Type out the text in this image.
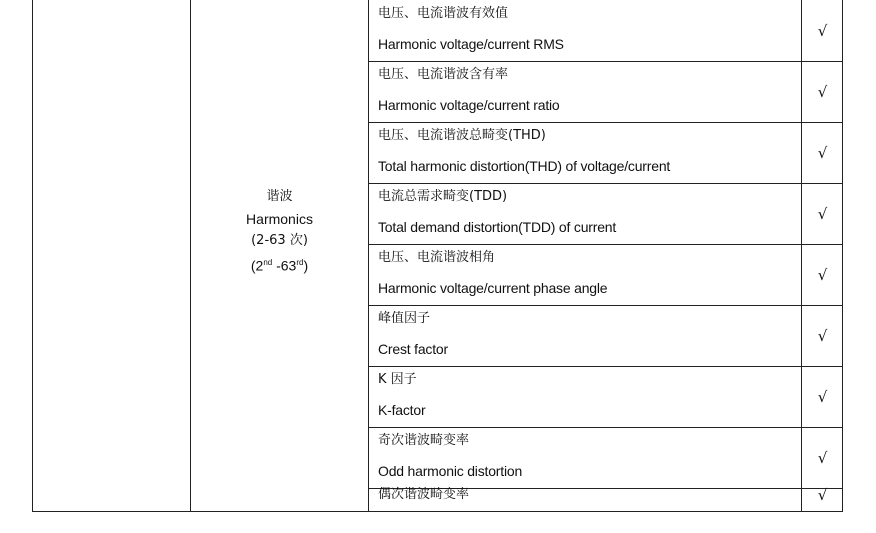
谐波
Harmonics
(2-63 次)
(2nd -63rd)
电压、电流谐波有效值
Harmonic voltage/current RMS
√
电压、电流谐波含有率
Harmonic voltage/current ratio
√
电压、电流谐波总畸变(THD)
Total harmonic distortion(THD) of voltage/current
√
电流总需求畸变(TDD)
Total demand distortion(TDD) of current
√
电压、电流谐波相角
Harmonic voltage/current phase angle
√
峰值因子
Crest factor
√
K 因子
K-factor
√
奇次谐波畸变率
Odd harmonic distortion
√
偶次谐波畸变率	√
